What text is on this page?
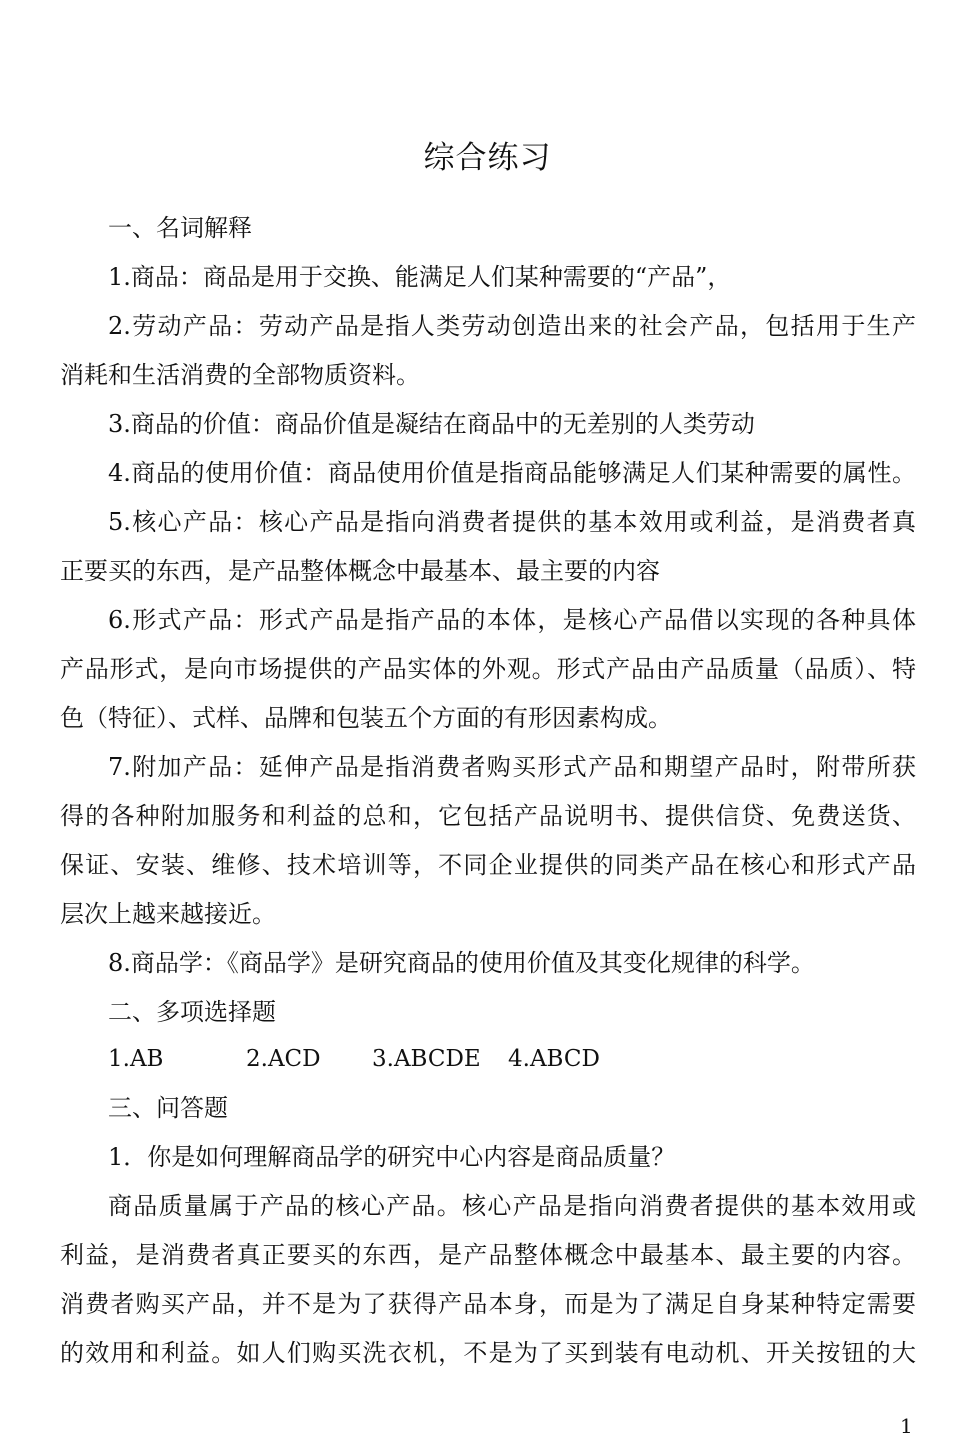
综合练习
一、名词解释
1.商品：商品是用于交换、能满足人们某种需要的“产品”，
2.劳动产品：劳动产品是指人类劳动创造出来的社会产品，包括用于生产
消耗和生活消费的全部物质资料。
3.商品的价值：商品价值是凝结在商品中的无差别的人类劳动
4.商品的使用价值：商品使用价值是指商品能够满足人们某种需要的属性。
5.核心产品：核心产品是指向消费者提供的基本效用或利益，是消费者真
正要买的东西，是产品整体概念中最基本、最主要的内容
6.形式产品：形式产品是指产品的本体，是核心产品借以实现的各种具体
产品形式，是向市场提供的产品实体的外观。形式产品由产品质量（品质）、特
色（特征）、式样、品牌和包装五个方面的有形因素构成。
7.附加产品：延伸产品是指消费者购买形式产品和期望产品时，附带所获
得的各种附加服务和利益的总和，它包括产品说明书、提供信贷、免费送货、
保证、安装、维修、技术培训等，不同企业提供的同类产品在核心和形式产品
层次上越来越接近。
8.商品学：《商品学》是研究商品的使用价值及其变化规律的科学。
二、多项选择题
1.AB	2.ACD 3.ABCDE 4.ABCD
三、问答题
1．你是如何理解商品学的研究中心内容是商品质量？
商品质量属于产品的核心产品。核心产品是指向消费者提供的基本效用或
利益，是消费者真正要买的东西，是产品整体概念中最基本、最主要的内容。
消费者购买产品，并不是为了获得产品本身，而是为了满足自身某种特定需要
的效用和利益。如人们购买洗衣机，不是为了买到装有电动机、开关按钮的大
1
